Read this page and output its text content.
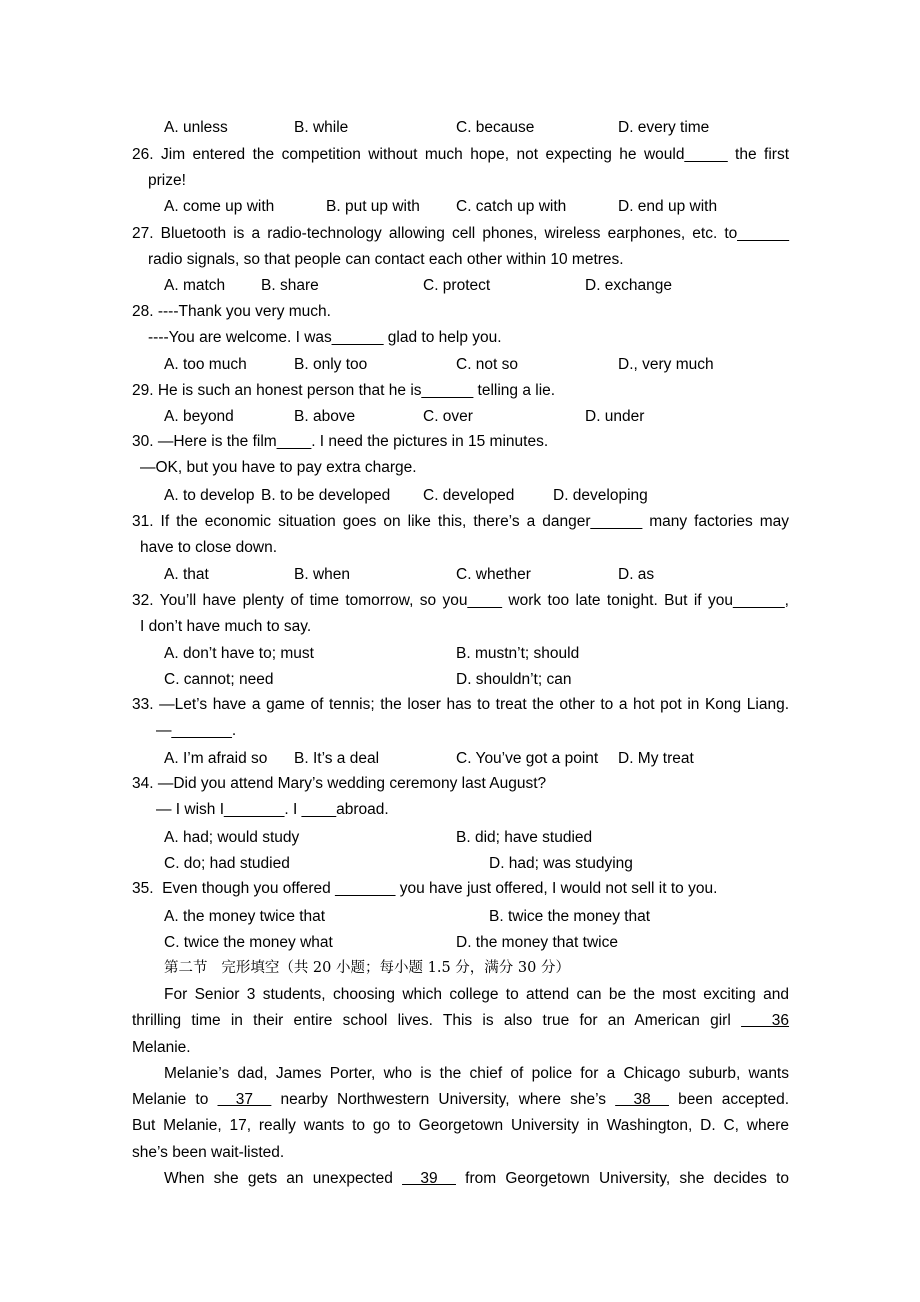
A. unless	B. while	C. because	D. every time
26. Jim entered the competition without much hope, not expecting he would_____ the first
prize!
A. come up with	B. put up with C. catch up with	D. end up with
27. Bluetooth is a radio-technology allowing cell phones, wireless earphones, etc. to______
radio signals, so that people can contact each other within 10 metres.
A. match B. share	C. protect	D. exchange
28. ----Thank you very much.
----You are welcome. I was______ glad to help you.
A. too much	B. only too	C. not so	D., very much
29. He is such an honest person that he is______ telling a lie.
A. beyond	B. above	C. over	D. under
30. —Here is the film____. I need the pictures in 15 minutes.
—OK, but you have to pay extra charge.
A. to develop B. to be developed C. developed D. developing
31. If the economic situation goes on like this, there’s a danger______ many factories may
have to close down.
A. that	B. when	C. whether	D. as
32. You’ll have plenty of time tomorrow, so you____ work too late tonight. But if you______,
I don’t have much to say.
A. don’t have to; must	B. mustn’t; should
C. cannot; need	D. shouldn’t; can
33. —Let’s have a game of tennis; the loser has to treat the other to a hot pot in Kong Liang.
—_______.
A. I’m afraid so B. It’s a deal	C. You’ve got a point D. My treat
34. —Did you attend Mary’s wedding ceremony last August?
— I wish I_______. I ____abroad.
A. had; would study	B. did; have studied
C. do; had studied	D. had; was studying
35.  Even though you offered _______ you have just offered, I would not sell it to you.
A. the money twice that	B. twice the money that
C. twice the money what	D. the money that twice
第二节   完形填空（共 20 小题；每小题 1.5 分，满分 30 分）
For Senior 3 students, choosing which college to attend can be the most exciting and
thrilling time in their entire school lives. This is also true for an American girl    36
Melanie.
Melanie’s dad, James Porter, who is the chief of police for a Chicago suburb, wants
Melanie to   37   nearby Northwestern University, where she’s   38   been accepted.
But Melanie, 17, really wants to go to Georgetown University in Washington, D. C, where
she’s been wait-listed.
When she gets an unexpected   39   from Georgetown University, she decides to
